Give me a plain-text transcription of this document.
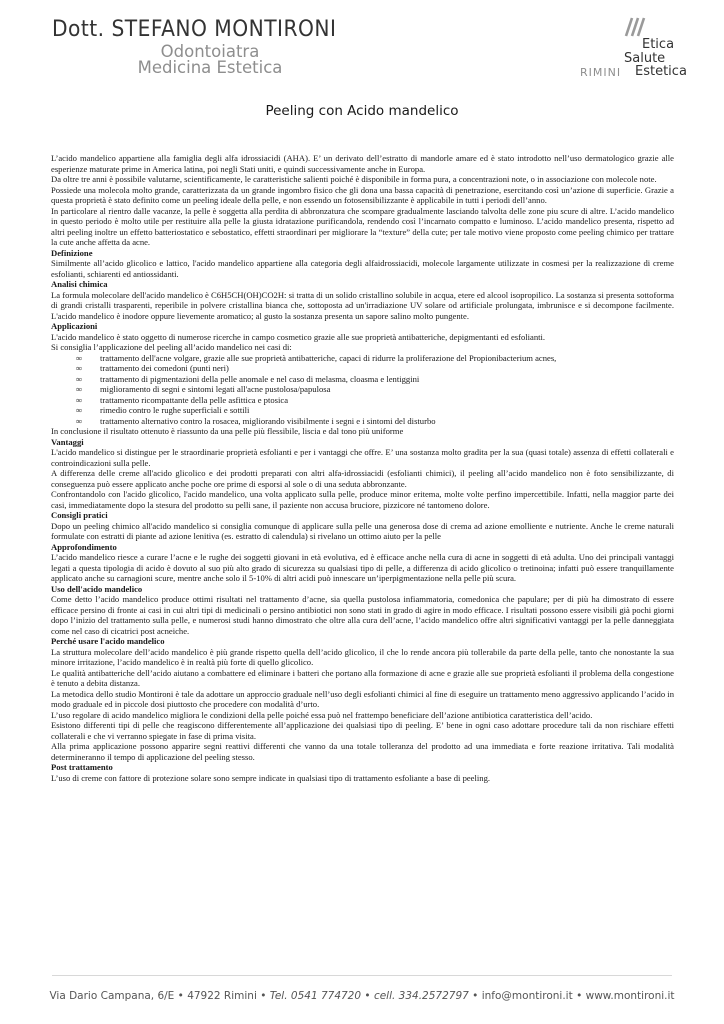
Dott. STEFANO MONTIRONI
Odontoiatra
Medicina Estetica
Etica
Salute
Estetica
RIMINI
Peeling con Acido mandelico

L’acido mandelico appartiene alla famiglia degli alfa idrossiacidi (AHA). E’ un derivato dell’estratto di mandorle amare ed è stato introdotto nell’uso dermatologico grazie alle esperienze maturate prime in America latina, poi negli Stati uniti, e quindi successivamente anche in Europa.

Da oltre tre anni è possibile valutarne, scientificamente, le caratteristiche salienti poiché è disponibile in forma pura, a concentrazioni note, o in associazione con molecole note.

Possiede una molecola molto grande, caratterizzata da un grande ingombro fisico che gli dona una bassa capacità di penetrazione, esercitando così un’azione di superficie. Grazie a questa proprietà è stato definito come un peeling ideale della pelle, e non essendo un fotosensibilizzante è applicabile in tutti i periodi dell’anno.

In particolare al rientro dalle vacanze, la pelle è soggetta alla perdita di abbronzatura che scompare gradualmente lasciando talvolta delle zone piu scure di altre. L’acido mandelico in questo periodo è molto utile per restituire alla pelle la giusta idratazione purificandola, rendendo così l’incarnato compatto e luminoso. L’acido mandelico presenta, rispetto ad altri peeling inoltre un effetto batteriostatico e sebostatico, effetti straordinari per migliorare la “texture” della cute; per tale motivo viene proposto come peeling chimico per trattare la cute anche affetta da acne.

Definizione

Similmente all’acido glicolico e lattico, l'acido mandelico appartiene alla categoria degli alfaidrossiacidi, molecole largamente utilizzate in cosmesi per la realizzazione di creme esfolianti, schiarenti ed antiossidanti.

Analisi chimica

La formula molecolare dell'acido mandelico è C6H5CH(OH)CO2H: si tratta di un solido cristallino solubile in acqua, etere ed alcool isopropilico. La sostanza si presenta sottoforma di grandi cristalli trasparenti, reperibile in polvere cristallina bianca che, sottoposta ad un'irradiazione UV solare od artificiale prolungata, imbrunisce e si decompone facilmente. L'acido mandelico è inodore oppure lievemente aromatico; al gusto la sostanza presenta un sapore salino molto pungente.

Applicazioni

L'acido mandelico è stato oggetto di numerose ricerche in campo cosmetico grazie alle sue proprietà antibatteriche, depigmentanti ed esfolianti.

Si consiglia l’applicazione del peeling all’acido mandelico nei casi di:

∞ trattamento dell'acne volgare, grazie alle sue proprietà antibatteriche, capaci di ridurre la proliferazione del Propionibacterium acnes,
∞ trattamento dei comedoni (punti neri)
∞ trattamento di pigmentazioni della pelle anomale e nel caso di melasma, cloasma e lentiggini
∞ miglioramento di segni e sintomi legati all'acne pustolosa/papulosa
∞ trattamento ricompattante della pelle asfittica e ptosica
∞ rimedio contro le rughe superficiali e sottili
∞ trattamento alternativo contro la rosacea, migliorando visibilmente i segni e i sintomi del disturbo

In conclusione il risultato ottenuto è riassunto da una pelle più flessibile, liscia e dal tono più uniforme

Vantaggi

L'acido mandelico si distingue per le straordinarie proprietà esfolianti e per i vantaggi che offre. E’ una sostanza molto gradita per la sua (quasi totale) assenza di effetti collaterali e controindicazioni sulla pelle.

A differenza delle creme all'acido glicolico e dei prodotti preparati con altri alfa-idrossiacidi (esfolianti chimici), il peeling all’acido mandelico non è foto sensibilizzante, di conseguenza può essere applicato anche poche ore prime di esporsi al sole o di una seduta abbronzante.

Confrontandolo con l'acido glicolico, l'acido mandelico, una volta applicato sulla pelle, produce minor eritema, molte volte perfino impercettibile. Infatti, nella maggior parte dei casi, immediatamente dopo la stesura del prodotto su pelli sane, il paziente non accusa bruciore, pizzicore né tantomeno dolore.

Consigli pratici

Dopo un peeling chimico all'acido mandelico si consiglia comunque di applicare sulla pelle una generosa dose di crema ad azione emolliente e nutriente. Anche le creme naturali formulate con estratti di piante ad azione lenitiva (es. estratto di calendula) si rivelano un ottimo aiuto per la pelle

Approfondimento

L’acido mandelico riesce a curare l’acne e le rughe dei soggetti giovani in età evolutiva, ed è efficace anche nella cura di acne in soggetti di età adulta. Uno dei principali vantaggi legati a questa tipologia di acido è dovuto al suo più alto grado di sicurezza su qualsiasi tipo di pelle, a differenza di acido glicolico o tretinoina; infatti può essere tranquillamente applicato anche su carnagioni scure, mentre anche solo il 5-10% di altri acidi può innescare un’iperpigmentazione nella pelle più scura.

Uso dell'acido mandelico

Come detto l’acido mandelico produce ottimi risultati nel trattamento d’acne, sia quella pustolosa infiammatoria, comedonica che papulare; per di più ha dimostrato di essere efficace persino di fronte ai casi in cui altri tipi di medicinali o persino antibiotici non sono stati in grado di agire in modo efficace. I risultati possono essere visibili già pochi giorni dopo l’inizio del trattamento sulla pelle, e numerosi studi hanno dimostrato che oltre alla cura dell’acne, l’acido mandelico offre altri significativi vantaggi per la pelle danneggiata come nel caso di cicatrici post acneiche.

Perché usare l'acido mandelico

La struttura molecolare dell’acido mandelico è più grande rispetto quella dell’acido glicolico, il che lo rende ancora più tollerabile da parte della pelle, tanto che nonostante la sua minore irritazione, l’acido mandelico è in realtà più forte di quello glicolico.

Le qualità antibatteriche dell’acido aiutano a combattere ed eliminare i batteri che portano alla formazione di acne e grazie alle sue proprietà esfolianti il problema della congestione è tenuto a debita distanza.

La metodica dello studio Montironi è tale da adottare un approccio graduale nell’uso degli esfolianti chimici al fine di eseguire un trattamento meno aggressivo applicando l’acido in modo graduale ed in piccole dosi piuttosto che procedere con modalità d’urto.

L’uso regolare di acido mandelico migliora le condizioni della pelle poiché essa può nel frattempo beneficiare dell’azione antibiotica caratteristica dell’acido.

Esistono differenti tipi di pelle che reagiscono differentemente all’applicazione dei qualsiasi tipo di peeling. E’ bene in ogni caso adottare procedure tali da non rischiare effetti collaterali e che vi verranno spiegate in fase di prima visita.

Alla prima applicazione possono apparire segni reattivi differenti che vanno da una totale tolleranza del prodotto ad una immediata e forte reazione irritativa. Tali modalità determineranno il tempo di applicazione del peeling stesso.

Post trattamento

L’uso di creme con fattore di protezione solare sono sempre indicate in qualsiasi tipo di trattamento esfoliante a base di peeling.

Via Dario Campana, 6/E • 47922 Rimini • Tel. 0541 774720 • cell. 334.2572797 • info@montironi.it • www.montironi.it
